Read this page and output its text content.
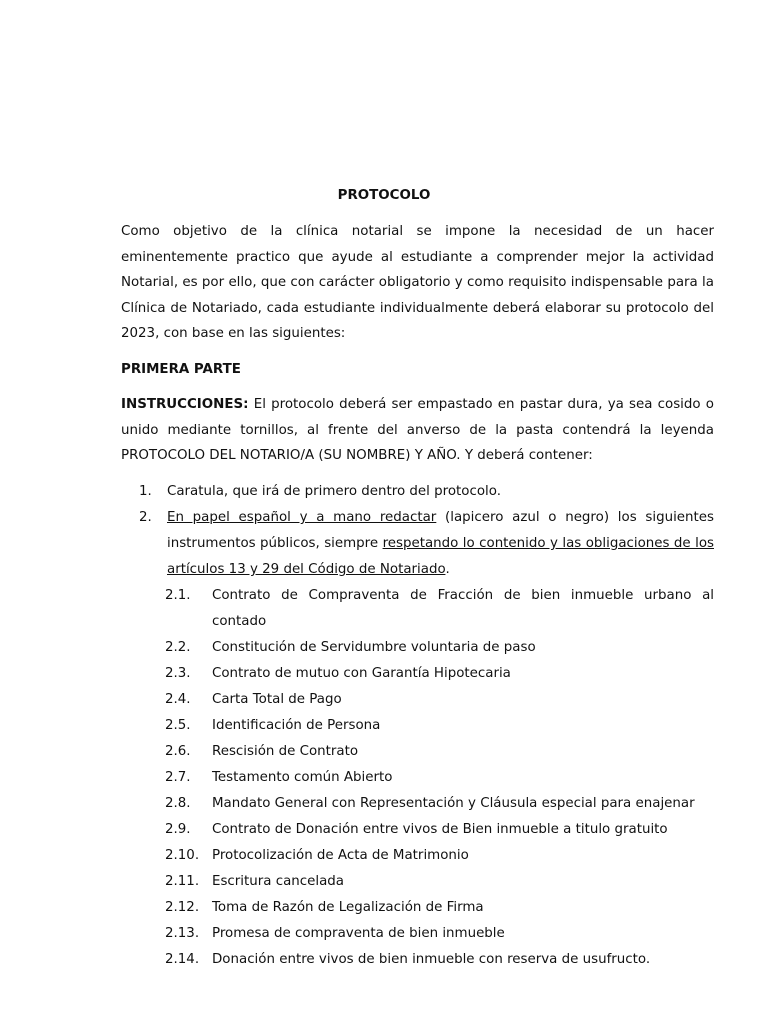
PROTOCOLO

Como objetivo de la clínica notarial se impone la necesidad de un hacer eminentemente practico que ayude al estudiante a comprender mejor la actividad Notarial, es por ello, que con carácter obligatorio y como requisito indispensable para la Clínica de Notariado, cada estudiante individualmente deberá elaborar su protocolo del 2023, con base en las siguientes:

PRIMERA PARTE

INSTRUCCIONES: El protocolo deberá ser empastado en pastar dura, ya sea cosido o unido mediante tornillos, al frente del anverso de la pasta contendrá la leyenda PROTOCOLO DEL NOTARIO/A (SU NOMBRE) Y AÑO. Y deberá contener:

1. Caratula, que irá de primero dentro del protocolo.
2. En papel español y a mano redactar (lapicero azul o negro) los siguientes instrumentos públicos, siempre respetando lo contenido y las obligaciones de los artículos 13 y 29 del Código de Notariado.
2.1. Contrato de Compraventa de Fracción de bien inmueble urbano al contado
2.2. Constitución de Servidumbre voluntaria de paso
2.3. Contrato de mutuo con Garantía Hipotecaria
2.4. Carta Total de Pago
2.5. Identificación de Persona
2.6. Rescisión de Contrato
2.7. Testamento común Abierto
2.8. Mandato General con Representación y Cláusula especial para enajenar
2.9. Contrato de Donación entre vivos de Bien inmueble a titulo gratuito
2.10. Protocolización de Acta de Matrimonio
2.11. Escritura cancelada
2.12. Toma de Razón de Legalización de Firma
2.13. Promesa de compraventa de bien inmueble
2.14. Donación entre vivos de bien inmueble con reserva de usufructo.
